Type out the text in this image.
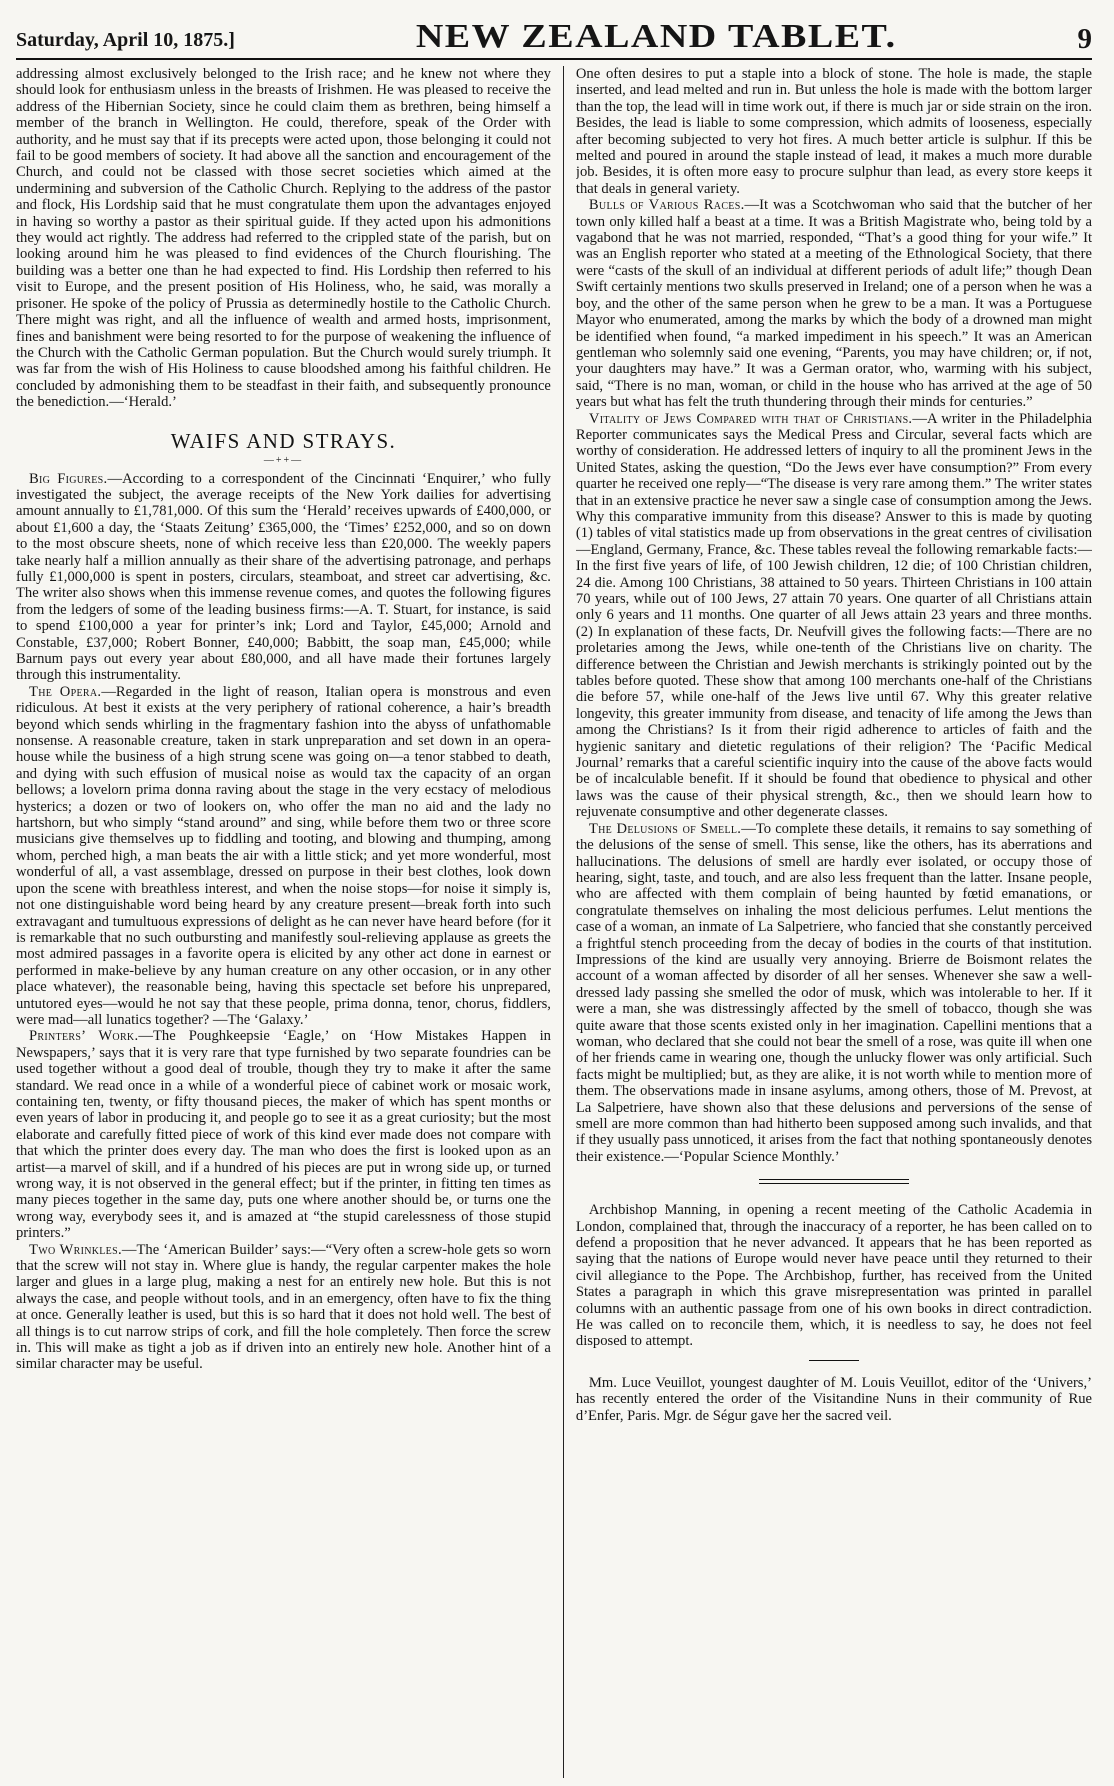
Saturday, April 10, 1875.]	NEW ZEALAND TABLET.	9

addressing almost exclusively belonged to the Irish race; and he knew not where they should look for enthusiasm unless in the breasts of Irishmen. He was pleased to receive the address of the Hibernian Society, since he could claim them as brethren, being himself a member of the branch in Wellington. He could, therefore, speak of the Order with authority, and he must say that if its precepts were acted upon, those belonging it could not fail to be good members of society. It had above all the sanction and encouragement of the Church, and could not be classed with those secret societies which aimed at the undermining and subversion of the Catholic Church. Replying to the address of the pastor and flock, His Lordship said that he must congratulate them upon the advantages enjoyed in having so worthy a pastor as their spiritual guide. If they acted upon his admonitions they would act rightly. The address had referred to the crippled state of the parish, but on looking around him he was pleased to find evidences of the Church flourishing. The building was a better one than he had expected to find. His Lordship then referred to his visit to Europe, and the present position of His Holiness, who, he said, was morally a prisoner. He spoke of the policy of Prussia as determinedly hostile to the Catholic Church. There might was right, and all the influence of wealth and armed hosts, imprisonment, fines and banishment were being resorted to for the purpose of weakening the influence of the Church with the Catholic German population. But the Church would surely triumph. It was far from the wish of His Holiness to cause bloodshed among his faithful children. He concluded by admonishing them to be steadfast in their faith, and subsequently pronounce the benediction.—‘Herald.’

WAIFS AND STRAYS.
—++—

Big Figures.—According to a correspondent of the Cincinnati ‘Enquirer,’ who fully investigated the subject, the average receipts of the New York dailies for advertising amount annually to £1,781,000. Of this sum the ‘Herald’ receives upwards of £400,000, or about £1,600 a day, the ‘Staats Zeitung’ £365,000, the ‘Times’ £252,000, and so on down to the most obscure sheets, none of which receive less than £20,000. The weekly papers take nearly half a million annually as their share of the advertising patronage, and perhaps fully £1,000,000 is spent in posters, circulars, steamboat, and street car advertising, &c. The writer also shows when this immense revenue comes, and quotes the following figures from the ledgers of some of the leading business firms:—A. T. Stuart, for instance, is said to spend £100,000 a year for printer’s ink; Lord and Taylor, £45,000; Arnold and Constable, £37,000; Robert Bonner, £40,000; Babbitt, the soap man, £45,000; while Barnum pays out every year about £80,000, and all have made their fortunes largely through this instrumentality.

The Opera.—Regarded in the light of reason, Italian opera is monstrous and even ridiculous. At best it exists at the very periphery of rational coherence, a hair’s breadth beyond which sends whirling in the fragmentary fashion into the abyss of unfathomable nonsense. A reasonable creature, taken in stark unpreparation and set down in an opera-house while the business of a high strung scene was going on—a tenor stabbed to death, and dying with such effusion of musical noise as would tax the capacity of an organ bellows; a lovelorn prima donna raving about the stage in the very ecstacy of melodious hysterics; a dozen or two of lookers on, who offer the man no aid and the lady no hartshorn, but who simply “stand around” and sing, while before them two or three score musicians give themselves up to fiddling and tooting, and blowing and thumping, among whom, perched high, a man beats the air with a little stick; and yet more wonderful, most wonderful of all, a vast assemblage, dressed on purpose in their best clothes, look down upon the scene with breathless interest, and when the noise stops—for noise it simply is, not one distinguishable word being heard by any creature present—break forth into such extravagant and tumultuous expressions of delight as he can never have heard before (for it is remarkable that no such outbursting and manifestly soul-relieving applause as greets the most admired passages in a favorite opera is elicited by any other act done in earnest or performed in make-believe by any human creature on any other occasion, or in any other place whatever), the reasonable being, having this spectacle set before his unprepared, untutored eyes—would he not say that these people, prima donna, tenor, chorus, fiddlers, were mad—all lunatics together? —The ‘Galaxy.’

Printers’ Work.—The Poughkeepsie ‘Eagle,’ on ‘How Mistakes Happen in Newspapers,’ says that it is very rare that type furnished by two separate foundries can be used together without a good deal of trouble, though they try to make it after the same standard. We read once in a while of a wonderful piece of cabinet work or mosaic work, containing ten, twenty, or fifty thousand pieces, the maker of which has spent months or even years of labor in producing it, and people go to see it as a great curiosity; but the most elaborate and carefully fitted piece of work of this kind ever made does not compare with that which the printer does every day. The man who does the first is looked upon as an artist—a marvel of skill, and if a hundred of his pieces are put in wrong side up, or turned wrong way, it is not observed in the general effect; but if the printer, in fitting ten times as many pieces together in the same day, puts one where another should be, or turns one the wrong way, everybody sees it, and is amazed at “the stupid carelessness of those stupid printers.”

Two Wrinkles.—The ‘American Builder’ says:—“Very often a screw-hole gets so worn that the screw will not stay in. Where glue is handy, the regular carpenter makes the hole larger and glues in a large plug, making a nest for an entirely new hole. But this is not always the case, and people without tools, and in an emergency, often have to fix the thing at once. Generally leather is used, but this is so hard that it does not hold well. The best of all things is to cut narrow strips of cork, and fill the hole completely. Then force the screw in. This will make as tight a job as if driven into an entirely new hole. Another hint of a similar character may be useful.

One often desires to put a staple into a block of stone. The hole is made, the staple inserted, and lead melted and run in. But unless the hole is made with the bottom larger than the top, the lead will in time work out, if there is much jar or side strain on the iron. Besides, the lead is liable to some compression, which admits of looseness, especially after becoming subjected to very hot fires. A much better article is sulphur. If this be melted and poured in around the staple instead of lead, it makes a much more durable job. Besides, it is often more easy to procure sulphur than lead, as every store keeps it that deals in general variety.

Bulls of Various Races.—It was a Scotchwoman who said that the butcher of her town only killed half a beast at a time. It was a British Magistrate who, being told by a vagabond that he was not married, responded, “That’s a good thing for your wife.” It was an English reporter who stated at a meeting of the Ethnological Society, that there were “casts of the skull of an individual at different periods of adult life;” though Dean Swift certainly mentions two skulls preserved in Ireland; one of a person when he was a boy, and the other of the same person when he grew to be a man. It was a Portuguese Mayor who enumerated, among the marks by which the body of a drowned man might be identified when found, “a marked impediment in his speech.” It was an American gentleman who solemnly said one evening, “Parents, you may have children; or, if not, your daughters may have.” It was a German orator, who, warming with his subject, said, “There is no man, woman, or child in the house who has arrived at the age of 50 years but what has felt the truth thundering through their minds for centuries.”

Vitality of Jews Compared with that of Christians.—A writer in the Philadelphia Reporter communicates says the Medical Press and Circular, several facts which are worthy of consideration. He addressed letters of inquiry to all the prominent Jews in the United States, asking the question, “Do the Jews ever have consumption?” From every quarter he received one reply—“The disease is very rare among them.” The writer states that in an extensive practice he never saw a single case of consumption among the Jews. Why this comparative immunity from this disease? Answer to this is made by quoting (1) tables of vital statistics made up from observations in the great centres of civilisation—England, Germany, France, &c. These tables reveal the following remarkable facts:—In the first five years of life, of 100 Jewish children, 12 die; of 100 Christian children, 24 die. Among 100 Christians, 38 attained to 50 years. Thirteen Christians in 100 attain 70 years, while out of 100 Jews, 27 attain 70 years. One quarter of all Christians attain only 6 years and 11 months. One quarter of all Jews attain 23 years and three months. (2) In explanation of these facts, Dr. Neufvill gives the following facts:—There are no proletaries among the Jews, while one-tenth of the Christians live on charity. The difference between the Christian and Jewish merchants is strikingly pointed out by the tables before quoted. These show that among 100 merchants one-half of the Christians die before 57, while one-half of the Jews live until 67. Why this greater relative longevity, this greater immunity from disease, and tenacity of life among the Jews than among the Christians? Is it from their rigid adherence to articles of faith and the hygienic sanitary and dietetic regulations of their religion? The ‘Pacific Medical Journal’ remarks that a careful scientific inquiry into the cause of the above facts would be of incalculable benefit. If it should be found that obedience to physical and other laws was the cause of their physical strength, &c., then we should learn how to rejuvenate consumptive and other degenerate classes.

The Delusions of Smell.—To complete these details, it remains to say something of the delusions of the sense of smell. This sense, like the others, has its aberrations and hallucinations. The delusions of smell are hardly ever isolated, or occupy those of hearing, sight, taste, and touch, and are also less frequent than the latter. Insane people, who are affected with them complain of being haunted by fœtid emanations, or congratulate themselves on inhaling the most delicious perfumes. Lelut mentions the case of a woman, an inmate of La Salpetriere, who fancied that she constantly perceived a frightful stench proceeding from the decay of bodies in the courts of that institution. Impressions of the kind are usually very annoying. Brierre de Boismont relates the account of a woman affected by disorder of all her senses. Whenever she saw a well-dressed lady passing she smelled the odor of musk, which was intolerable to her. If it were a man, she was distressingly affected by the smell of tobacco, though she was quite aware that those scents existed only in her imagination. Capellini mentions that a woman, who declared that she could not bear the smell of a rose, was quite ill when one of her friends came in wearing one, though the unlucky flower was only artificial. Such facts might be multiplied; but, as they are alike, it is not worth while to mention more of them. The observations made in insane asylums, among others, those of M. Prevost, at La Salpetriere, have shown also that these delusions and perversions of the sense of smell are more common than had hitherto been supposed among such invalids, and that if they usually pass unnoticed, it arises from the fact that nothing spontaneously denotes their existence.—‘Popular Science Monthly.’

Archbishop Manning, in opening a recent meeting of the Catholic Academia in London, complained that, through the inaccuracy of a reporter, he has been called on to defend a proposition that he never advanced. It appears that he has been reported as saying that the nations of Europe would never have peace until they returned to their civil allegiance to the Pope. The Archbishop, further, has received from the United States a paragraph in which this grave misrepresentation was printed in parallel columns with an authentic passage from one of his own books in direct contradiction. He was called on to reconcile them, which, it is needless to say, he does not feel disposed to attempt.

Mm. Luce Veuillot, youngest daughter of M. Louis Veuillot, editor of the ‘Univers,’ has recently entered the order of the Visitandine Nuns in their community of Rue d’Enfer, Paris. Mgr. de Ségur gave her the sacred veil.
